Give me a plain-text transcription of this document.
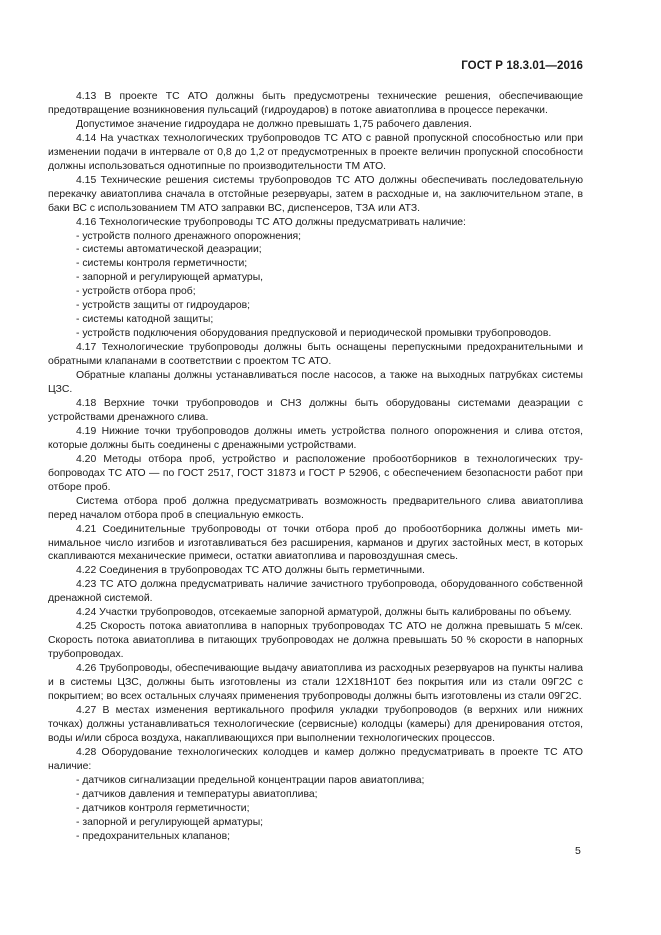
ГОСТ Р 18.3.01—2016

4.13 В проекте ТС АТО должны быть предусмотрены технические решения, обеспечивающие предотвращение возникновения пульсаций (гидроударов) в потоке авиатоплива в процессе перекачки.

Допустимое значение гидроудара не должно превышать 1,75 рабочего давления.

4.14 На участках технологических трубопроводов ТС АТО с равной пропускной способностью или при изменении подачи в интервале от 0,8 до 1,2 от предусмотренных в проекте величин пропускной способности должны использоваться однотипные по производительности ТМ АТО.

4.15 Технические решения системы трубопроводов ТС АТО должны обеспечивать последовательную перекачку авиатоплива сначала в отстойные резервуары, затем в расходные и, на заключительном этапе, в баки ВС с использованием ТМ АТО заправки ВС, диспенсеров, ТЗА или АТЗ.

4.16 Технологические трубопроводы ТС АТО должны предусматривать наличие:

- устройств полного дренажного опорожнения;

- системы автоматической деаэрации;

- системы контроля герметичности;

- запорной и регулирующей арматуры,

- устройств отбора проб;

- устройств защиты от гидроударов;

- системы катодной защиты;

- устройств подключения оборудования предпусковой и периодической промывки трубопроводов.

4.17 Технологические трубопроводы должны быть оснащены перепускными предохранительными и обратными клапанами в соответствии с проектом ТС АТО.

Обратные клапаны должны устанавливаться после насосов, а также на выходных патрубках системы ЦЗС.

4.18 Верхние точки трубопроводов и СНЗ должны быть оборудованы системами деаэрации с устройствами дренажного слива.

4.19 Нижние точки трубопроводов должны иметь устройства полного опорожнения и слива отстоя, которые должны быть соединены с дренажными устройствами.

4.20 Методы отбора проб, устройство и расположение пробоотборников в технологических трубопроводах ТС АТО — по ГОСТ 2517, ГОСТ 31873 и ГОСТ Р 52906, с обеспечением безопасности работ при отборе проб.

Система отбора проб должна предусматривать возможность предварительного слива авиатоплива перед началом отбора проб в специальную емкость.

4.21 Соединительные трубопроводы от точки отбора проб до пробоотборника должны иметь минимальное число изгибов и изготавливаться без расширения, карманов и других застойных мест, в которых скапливаются механические примеси, остатки авиатоплива и паровоздушная смесь.

4.22 Соединения в трубопроводах ТС АТО должны быть герметичными.

4.23 ТС АТО должна предусматривать наличие зачистного трубопровода, оборудованного собственной дренажной системой.

4.24 Участки трубопроводов, отсекаемые запорной арматурой, должны быть калиброваны по объему.

4.25 Скорость потока авиатоплива в напорных трубопроводах ТС АТО не должна превышать 5 м/сек. Скорость потока авиатоплива в питающих трубопроводах не должна превышать 50 % скорости в напорных трубопроводах.

4.26 Трубопроводы, обеспечивающие выдачу авиатоплива из расходных резервуаров на пункты налива и в системы ЦЗС, должны быть изготовлены из стали 12Х18Н10Т без покрытия или из стали 09Г2С с покрытием; во всех остальных случаях применения трубопроводы должны быть изготовлены из стали 09Г2С.

4.27 В местах изменения вертикального профиля укладки трубопроводов (в верхних или нижних точках) должны устанавливаться технологические (сервисные) колодцы (камеры) для дренирования отстоя, воды и/или сброса воздуха, накапливающихся при выполнении технологических процессов.

4.28 Оборудование технологических колодцев и камер должно предусматривать в проекте ТС АТО наличие:

- датчиков сигнализации предельной концентрации паров авиатоплива;

- датчиков давления и температуры авиатоплива;

- датчиков контроля герметичности;

- запорной и регулирующей арматуры;

- предохранительных клапанов;

5
